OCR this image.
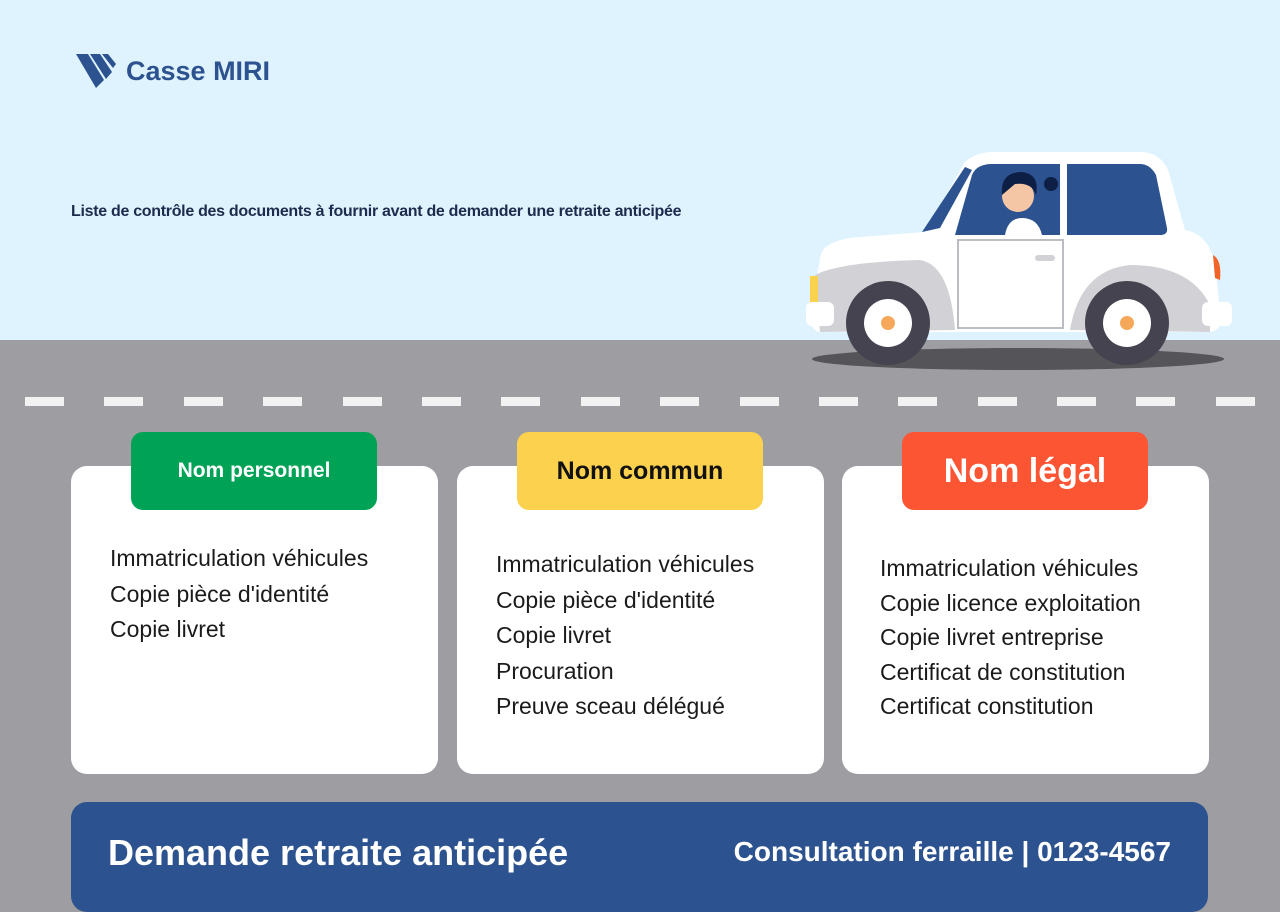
Casse MIRI
Liste de contrôle des documents à fournir avant de demander une retraite anticipée
Nom personnel
Immatriculation véhicules
Copie pièce d'identité
Copie livret
Nom commun
Immatriculation véhicules
Copie pièce d'identité
Copie livret
Procuration
Preuve sceau délégué
Nom légal
Immatriculation véhicules
Copie licence exploitation
Copie livret entreprise
Certificat de constitution
Certificat constitution
Demande retraite anticipée	Consultation ferraille | 0123-4567
